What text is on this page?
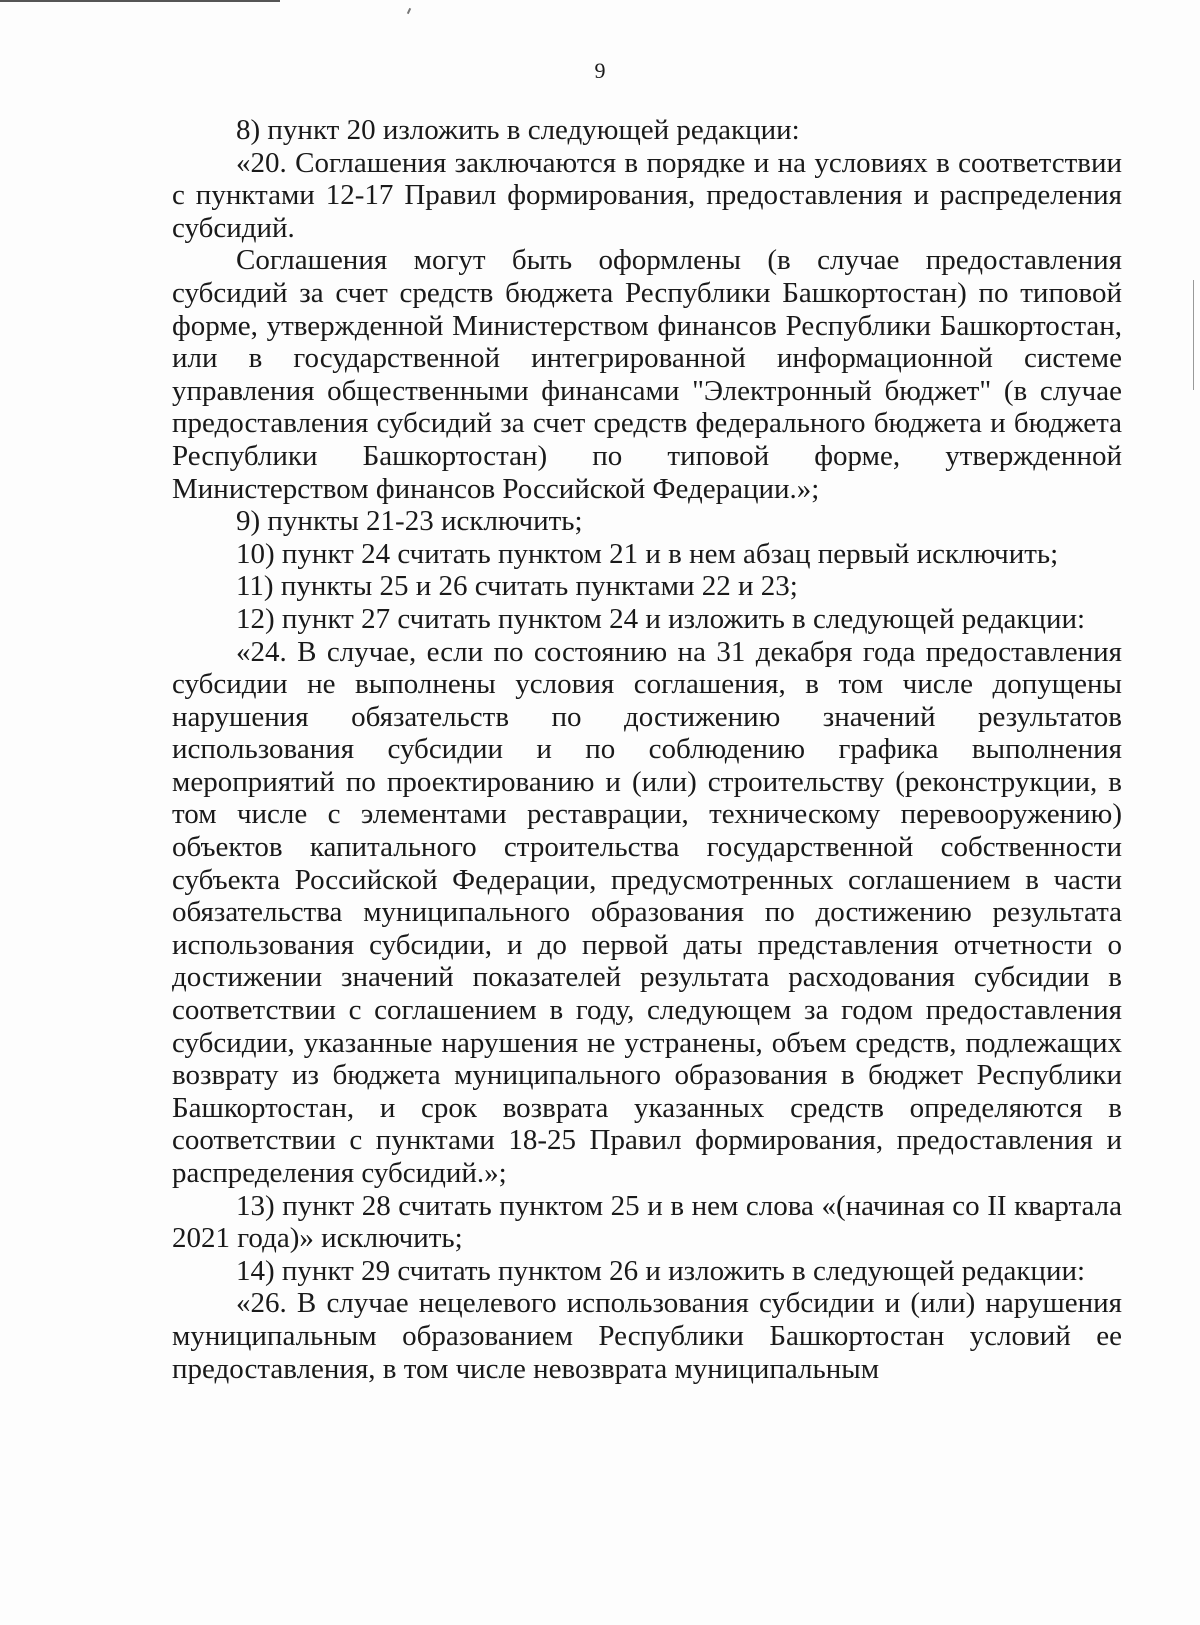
9

8) пункт 20 изложить в следующей редакции:

«20. Соглашения заключаются в порядке и на условиях в соответствии с пунктами 12-17 Правил формирования, предоставления и распределения субсидий.

Соглашения могут быть оформлены (в случае предоставления субсидий за счет средств бюджета Республики Башкортостан) по типовой форме, утвержденной Министерством финансов Республики Башкортостан, или в государственной интегрированной информационной системе управления общественными финансами "Электронный бюджет" (в случае предоставления субсидий за счет средств федерального бюджета и бюджета Республики Башкортостан) по типовой форме, утвержденной Министерством финансов Российской Федерации.»;

9) пункты 21-23 исключить;

10) пункт 24 считать пунктом 21 и в нем абзац первый исключить;

11) пункты 25 и 26 считать пунктами 22 и 23;

12) пункт 27 считать пунктом 24 и изложить в следующей редакции:

«24. В случае, если по состоянию на 31 декабря года предоставления субсидии не выполнены условия соглашения, в том числе допущены нарушения обязательств по достижению значений результатов использования субсидии и по соблюдению графика выполнения мероприятий по проектированию и (или) строительству (реконструкции, в том числе с элементами реставрации, техническому перевооружению) объектов капитального строительства государственной собственности субъекта Российской Федерации, предусмотренных соглашением в части обязательства муниципального образования по достижению результата использования субсидии, и до первой даты представления отчетности о достижении значений показателей результата расходования субсидии в соответствии с соглашением в году, следующем за годом предоставления субсидии, указанные нарушения не устранены, объем средств, подлежащих возврату из бюджета муниципального образования в бюджет Республики Башкортостан, и срок возврата указанных средств определяются в соответствии с пунктами 18-25 Правил формирования, предоставления и распределения субсидий.»;

13) пункт 28 считать пунктом 25 и в нем слова «(начиная со II квартала 2021 года)» исключить;

14) пункт 29 считать пунктом 26 и изложить в следующей редакции:

«26. В случае нецелевого использования субсидии и (или) нарушения муниципальным образованием Республики Башкортостан условий ее предоставления, в том числе невозврата муниципальным
